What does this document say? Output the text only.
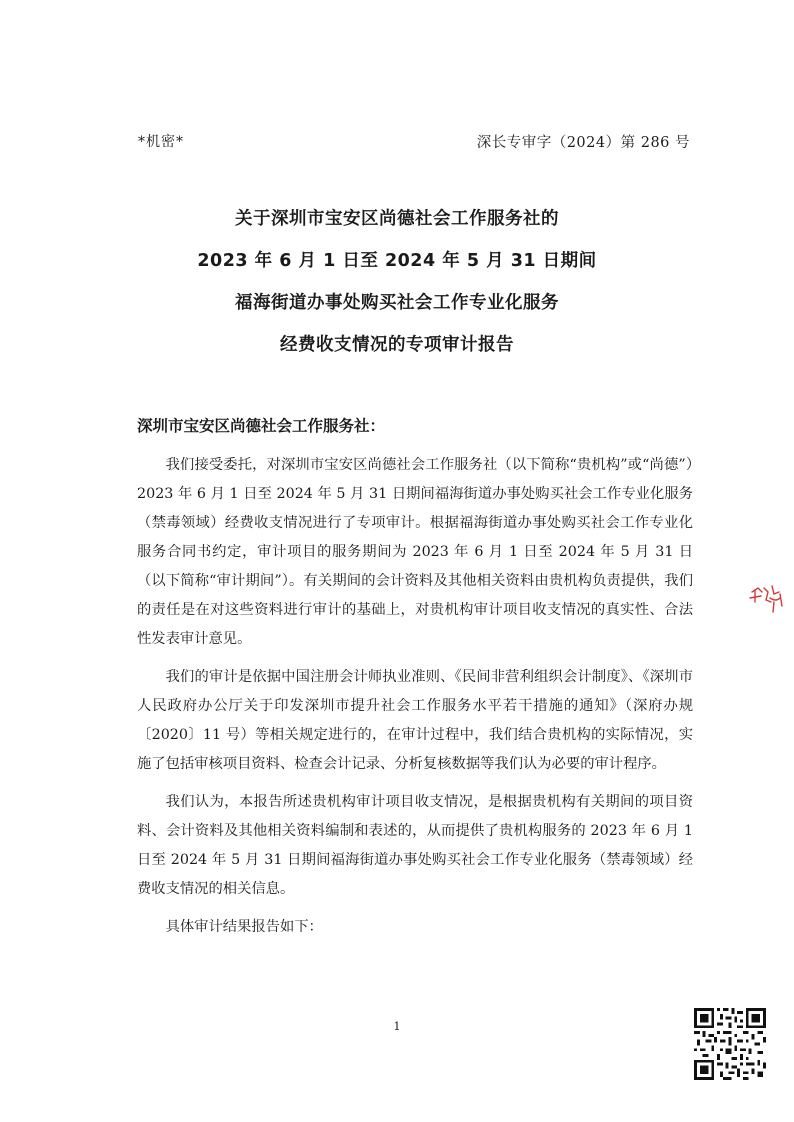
*机密*	深长专审字（2024）第 286 号
关于深圳市宝安区尚德社会工作服务社的
2023 年 6 月 1 日至 2024 年 5 月 31 日期间
福海街道办事处购买社会工作专业化服务
经费收支情况的专项审计报告
深圳市宝安区尚德社会工作服务社：

我们接受委托，对深圳市宝安区尚德社会工作服务社（以下简称“贵机构”或“尚德”）　2023 年 6 月 1 日至 2024 年 5 月 31 日期间福海街道办事处购买社会工作专业化服务（禁毒领域）经费收支情况进行了专项审计。根据福海街道办事处购买社会工作专业化服务合同书约定，审计项目的服务期间为 2023 年 6 月 1 日至 2024 年 5 月 31 日（以下简称“审计期间”）。有关期间的会计资料及其他相关资料由贵机构负责提供，我们的责任是在对这些资料进行审计的基础上，对贵机构审计项目收支情况的真实性、合法性发表审计意见。

我们的审计是依据中国注册会计师执业准则、《民间非营利组织会计制度》、《深圳市人民政府办公厅关于印发深圳市提升社会工作服务水平若干措施的通知》（深府办规〔2020〕11 号）等相关规定进行的，在审计过程中，我们结合贵机构的实际情况，实施了包括审核项目资料、检查会计记录、分析复核数据等我们认为必要的审计程序。

我们认为，本报告所述贵机构审计项目收支情况，是根据贵机构有关期间的项目资料、会计资料及其他相关资料编制和表述的，从而提供了贵机构服务的 2023 年 6 月 1 日至 2024 年 5 月 31 日期间福海街道办事处购买社会工作专业化服务（禁毒领域）经费收支情况的相关信息。

具体审计结果报告如下：

1
